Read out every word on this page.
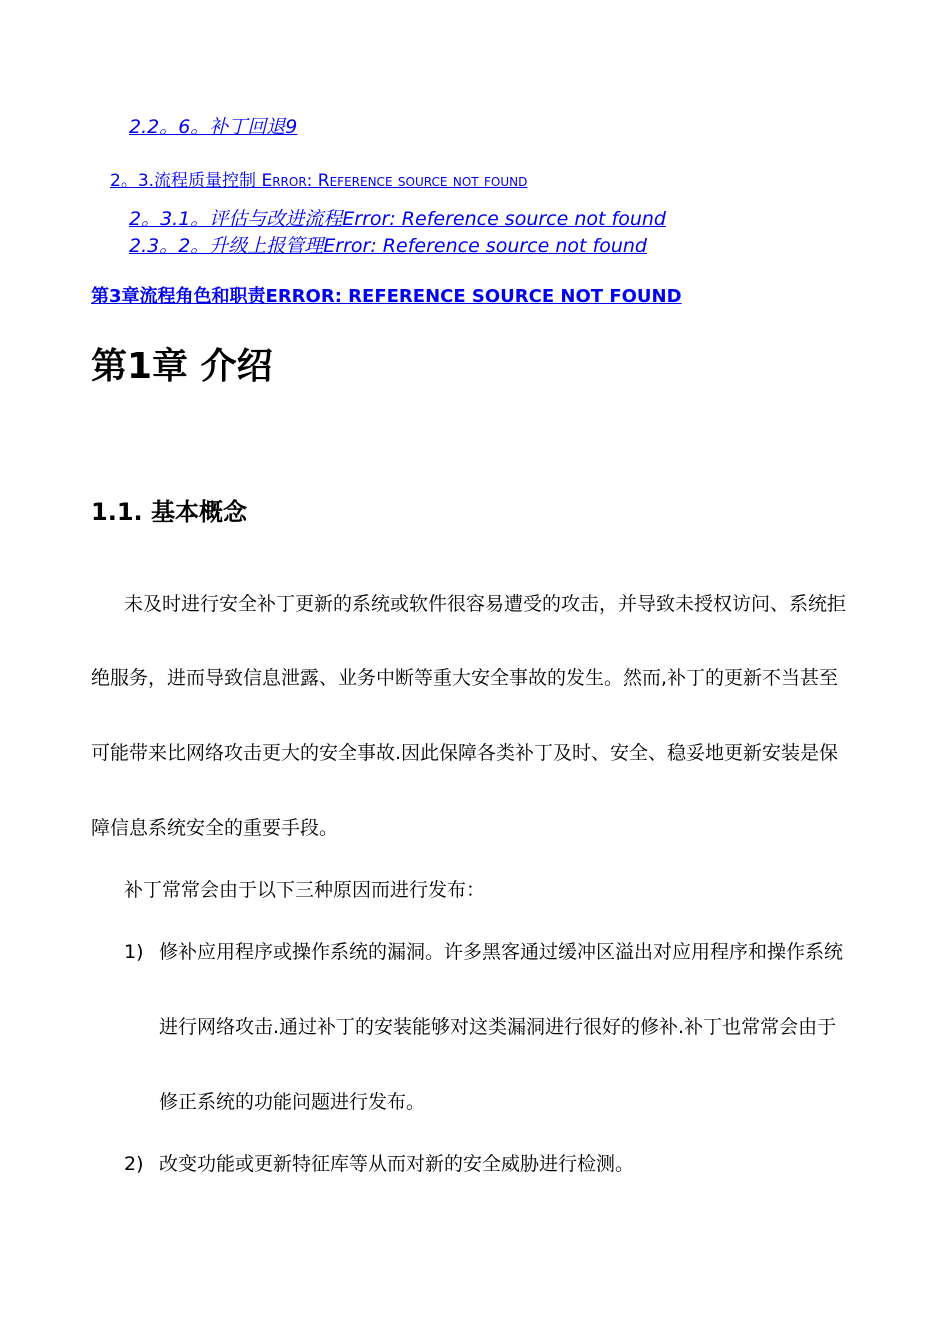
2.2。6。补丁回退9
2。3.流程质量控制 Error: Reference source not found
2。3.1。评估与改进流程Error: Reference source not found
2.3。2。升级上报管理Error: Reference source not found
第3章流程角色和职责ERROR: REFERENCE SOURCE NOT FOUND
第1章 介绍
1.1. 基本概念
未及时进行安全补丁更新的系统或软件很容易遭受的攻击，并导致未授权访问、系统拒
绝服务，进而导致信息泄露、业务中断等重大安全事故的发生。然而,补丁的更新不当甚至
可能带来比网络攻击更大的安全事故.因此保障各类补丁及时、安全、稳妥地更新安装是保
障信息系统安全的重要手段。
补丁常常会由于以下三种原因而进行发布：
1) 修补应用程序或操作系统的漏洞。许多黑客通过缓冲区溢出对应用程序和操作系统
进行网络攻击.通过补丁的安装能够对这类漏洞进行很好的修补.补丁也常常会由于
修正系统的功能问题进行发布。
2) 改变功能或更新特征库等从而对新的安全威胁进行检测。
